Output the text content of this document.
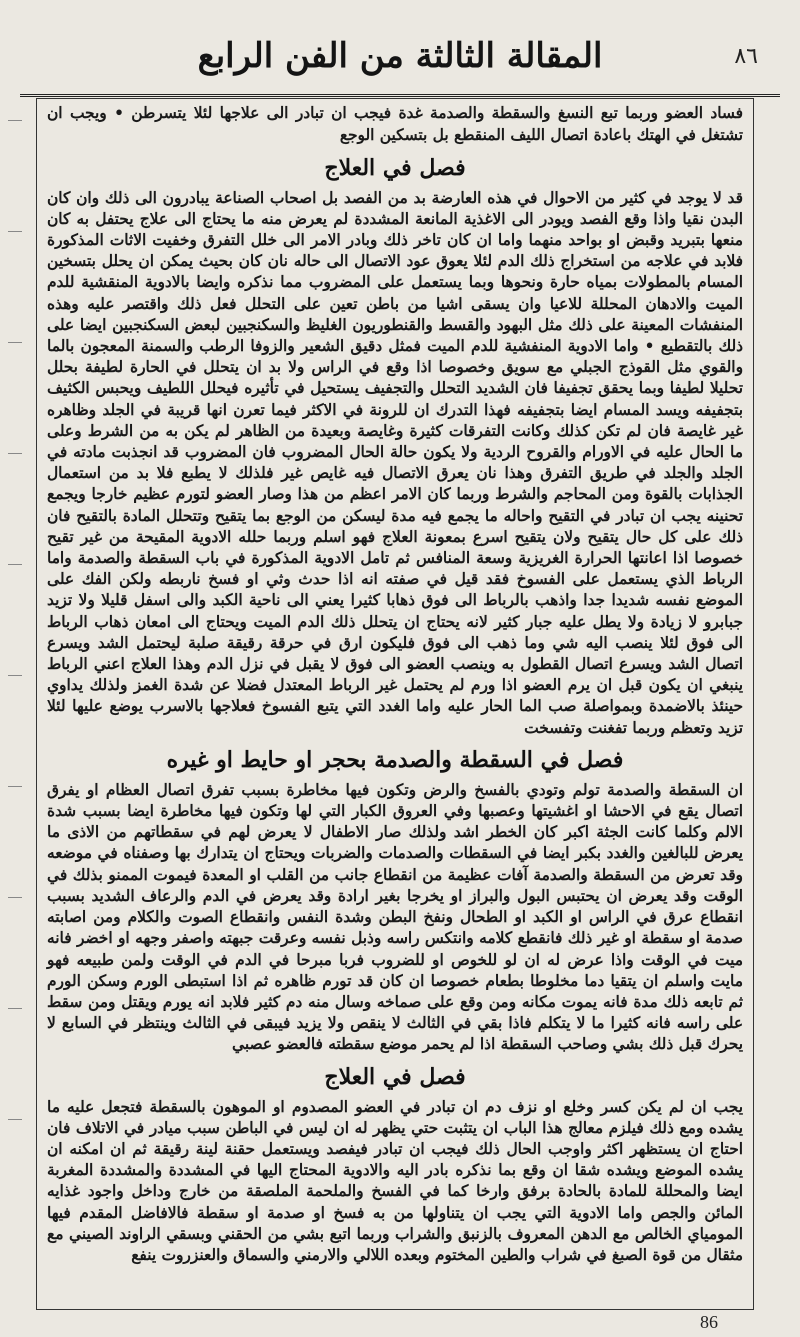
المقالة الثالثة من الفن الرابع	٨٦

فساد العضو وربما تبع النسغ والسقطة والصدمة غدة فيجب ان تبادر الى علاجها لئلا يتسرطن • ويجب ان تشتغل في الهتك باعادة اتصال الليف المنقطع بل بتسكين الوجع

فصل في العلاج

قد لا يوجد في كثير من الاحوال في هذه العارضة بد من الفصد بل اصحاب الصناعة يبادرون الى ذلك وان كان البدن نقيا واذا وقع الفصد ويودر الى الاغذية المانعة المشددة لم يعرض منه ما يحتاج الى علاج يحتفل به كان منعها بتبريد وقبض او بواحد منهما واما ان كان تاخر ذلك وبادر الامر الى خلل التفرق وخفيت الاثات المذكورة فلابد في علاجه من استخراج ذلك الدم لئلا يعوق عود الاتصال الى حاله نان كان بحيث يمكن ان يحلل بتسخين المسام بالمطولات بمياه حارة ونحوها وبما يستعمل على المضروب مما نذكره وايضا بالادوية المنقشية للدم الميت والادهان المحللة للاعيا وان يسقى اشيا من باطن تعين على التحلل فعل ذلك واقتصر عليه وهذه المنفشات المعينة على ذلك مثل البهود والقسط والقنطوريون الغليظ والسكنجبين لبعض السكنجبين ايضا على ذلك بالتقطيع • واما الادوية المنفشية للدم الميت فمثل دقيق الشعير والزوفا الرطب والسمنة المعجون بالما والقوي مثل القوذج الجبلي مع سويق وخصوصا اذا وقع في الراس ولا بد ان يتحلل في الحارة لطيفة بحلل تحليلا لطيفا وبما يحقق تجفيفا فان الشديد التحلل والتجفيف يستحيل في تأثيره فيحلل اللطيف ويحبس الكثيف بتجفيفه ويسد المسام ايضا بتجفيفه فهذا التدرك ان للرونة في الاكثر فيما تعرن انها قريبة في الجلد وظاهره غير غايصة فان لم تكن كذلك وكانت التفرقات كثيرة وغايصة وبعيدة من الظاهر لم يكن به من الشرط وعلى ما الحال عليه في الاورام والقروح الردية ولا يكون حالة الحال المضروب فان المضروب قد انجذبت مادته في الجلد والجلد في طريق التفرق وهذا نان يعرق الاتصال فيه غايص غير فلذلك لا يطبع فلا بد من استعمال الجذابات بالقوة ومن المحاجم والشرط وربما كان الامر اعظم من هذا وصار العضو لتورم عظيم خارجا ويجمع تحنينه يجب ان تبادر في التقيح واحاله ما يجمع فيه مدة ليسكن من الوجع بما يتقيح وتتحلل المادة بالتقيح فان ذلك على كل حال يتقيح ولان يتقيح اسرع بمعونة العلاج فهو اسلم وربما حلله الادوية المقيحة من غير تقيح خصوصا اذا اعانتها الحرارة الغريزية وسعة المنافس ثم تامل الادوية المذكورة في باب السقطة والصدمة واما الرباط الذي يستعمل على الفسوخ فقد قيل في صفته انه اذا حدث وثي او فسخ ناربطه ولكن الفك على الموضع نفسه شديدا جدا واذهب بالرباط الى فوق ذهابا كثيرا يعني الى ناحية الكبد والى اسفل قليلا ولا تزيد جبابرو لا زيادة ولا يطل عليه جبار كثير لانه يحتاج ان يتحلل ذلك الدم الميت ويحتاج الى امعان ذهاب الرباط الى فوق لئلا ينصب اليه شي وما ذهب الى فوق فليكون ارق في حرقة رقيقة صلبة ليحتمل الشد ويسرع اتصال الشد ويسرع اتصال القطول به وينصب العضو الى فوق لا يقبل في نزل الدم وهذا العلاج اعني الرباط ينبغي ان يكون قبل ان يرم العضو اذا ورم لم يحتمل غير الرباط المعتدل فضلا عن شدة الغمز ولذلك يداوي حينئذ بالاضمدة وبمواصلة صب الما الحار عليه واما الغدد التي يتبع الفسوخ فعلاجها بالاسرب يوضع عليها لئلا تزيد وتعظم وربما تفغنت وتفسخت

فصل في السقطة والصدمة بحجر او حايط او غيره

ان السقطة والصدمة تولم وتودي بالفسخ والرض وتكون فيها مخاطرة بسبب تفرق اتصال العظام او يفرق اتصال يقع في الاحشا او اغشيتها وعصبها وفي العروق الكبار التي لها وتكون فيها مخاطرة ايضا بسبب شدة الالم وكلما كانت الجثة اكبر كان الخطر اشد ولذلك صار الاطفال لا يعرض لهم في سقطاتهم من الاذى ما يعرض للبالغين والغدد بكبر ايضا في السقطات والصدمات والضربات ويحتاج ان يتدارك بها وصفناه في موضعه وقد تعرض من السقطة والصدمة آفات عظيمة من انقطاع جانب من القلب او المعدة فيموت الممنو بذلك في الوقت وقد يعرض ان يحتبس البول والبراز او يخرجا بغير ارادة وقد يعرض في الدم والرعاف الشديد بسبب انقطاع عرق في الراس او الكبد او الطحال ونفخ البطن وشدة النفس وانقطاع الصوت والكلام ومن اصابته صدمة او سقطة او غير ذلك فانقطع كلامه وانتكس راسه وذبل نفسه وعرقت جبهته واصفر وجهه او اخضر فانه ميت في الوقت واذا عرض له ان لو للخوص او للضروب فربا مبرحا في الدم في الوقت ولمن طبيعه فهو مايت واسلم ان يتقيا دما مخلوطا بطعام خصوصا ان كان قد تورم ظاهره ثم اذا استبطى الورم وسكن الورم ثم تابعه ذلك مدة فانه يموت مكانه ومن وقع على صماخه وسال منه دم كثير فلابد انه يورم ويقتل ومن سقط على راسه فانه كثيرا ما لا يتكلم فاذا بقي في الثالث لا ينقص ولا يزيد فيبقى في الثالث وينتظر في السابع لا يحرك قبل ذلك بشي وصاحب السقطة اذا لم يحمر موضع سقطته فالعضو عصبي

فصل في العلاج

يجب ان لم يكن كسر وخلع او نزف دم ان تبادر في العضو المصدوم او الموهون بالسقطة فتجعل عليه ما يشده ومع ذلك فيلزم معالج هذا الباب ان يتثبت حتي يظهر له ان ليس في الباطن سبب ميادر في الاتلاف فان احتاج ان يستظهر اكثر واوجب الحال ذلك فيجب ان تبادر فيفصد ويستعمل حقنة لينة رقيقة ثم ان امكنه ان يشده الموضع ويشده شقا ان وقع بما نذكره بادر اليه والادوية المحتاج اليها في المشددة والمشددة المغربة ايضا والمحللة للمادة بالحادة برفق وارخا كما في الفسخ والملحمة الملصقة من خارج وداخل واجود غذايه المائن والجص واما الادوية التي يجب ان يتناولها من به فسخ او صدمة او سقطة فالافاضل المقدم فيها المومياي الخالص مع الدهن المعروف بالزنبق والشراب وربما اتبع بشي من الحقني وبسقي الراوند الصيني مع مثقال من قوة الصبغ في شراب والطين المختوم وبعده اللالي والارمني والسماق والعنزروت ينفع

86
